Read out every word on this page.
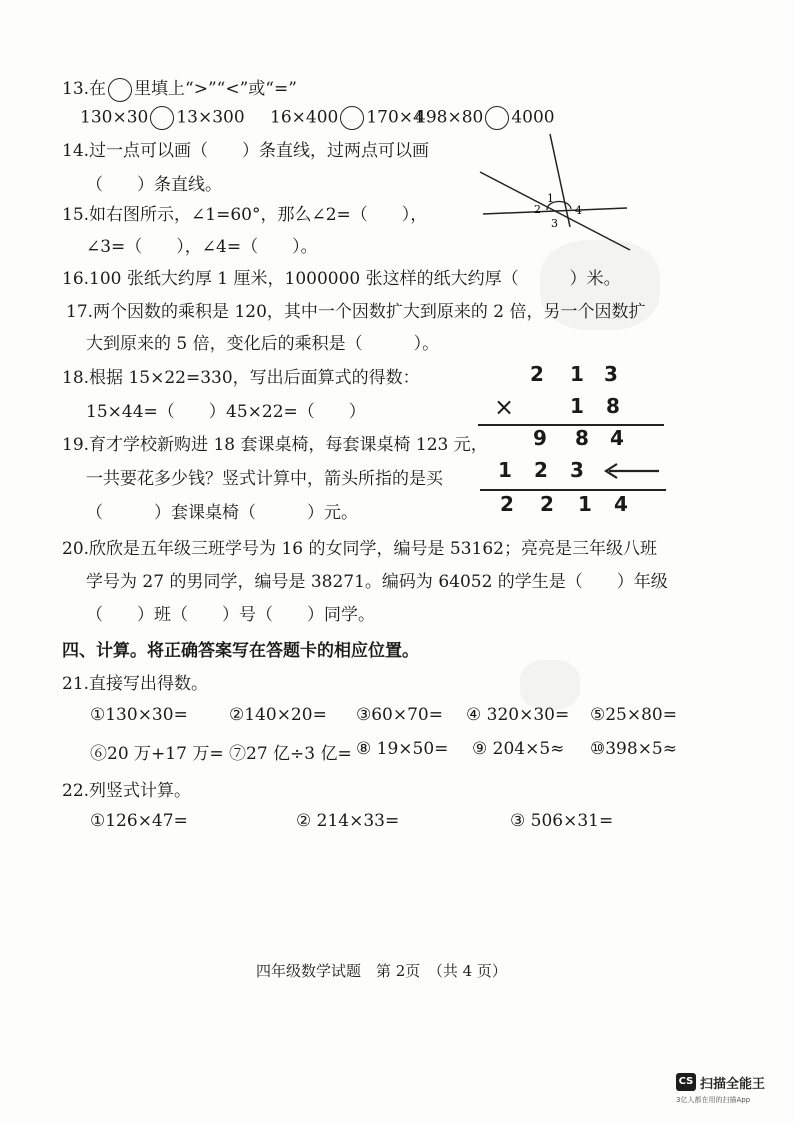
13.在 里填上“>”“<”或“=”
130×30 13×300 16×400 170×4
498×80 4000
14.过一点可以画（　　）条直线，过两点可以画
（　　）条直线。
1
2
3
4
15.如右图所示，∠1=60°，那么∠2=（　　），
∠3=（　　），∠4=（　　）。
16.100 张纸大约厚 1 厘米，1000000 张这样的纸大约厚（　　　）米。
17.两个因数的乘积是 120，其中一个因数扩大到原来的 2 倍，另一个因数扩
大到原来的 5 倍，变化后的乘积是（　　　）。
18.根据 15×22=330，写出后面算式的得数：
15×44=（　　） 45×22=（　　）
2 1 3
×	1 8
9 8 4
1 2 3
2 2 1 4
19.育才学校新购进 18 套课桌椅，每套课桌椅 123 元，
一共要花多少钱？竖式计算中，箭头所指的是买
（　　　）套课桌椅（　　　）元。
20.欣欣是五年级三班学号为 16 的女同学，编号是 53162；亮亮是三年级八班
学号为 27 的男同学，编号是 38271。编码为 64052 的学生是（　　）年级
（　　）班（　　）号（　　）同学。
四、计算。将正确答案写在答题卡的相应位置。
21.直接写出得数。
①130×30= ②140×20= ③60×70= ④ 320×30= ⑤25×80=
⑥20 万+17 万= ⑦27 亿÷3 亿= ⑧ 19×50= ⑨ 204×5≈ ⑩398×5≈
22.列竖式计算。
①126×47=	② 214×33=	③ 506×31=
四年级数学试题　第 2页　（共 4 页）
CS 扫描全能王
3亿人都在用的扫描App
